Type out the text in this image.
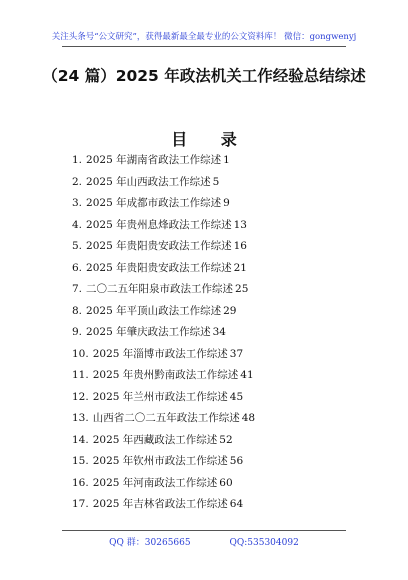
关注头条号“公文研究”，获得最新最全最专业的公文资料库！ 微信：gongwenyj
（24 篇）2025 年政法机关工作经验总结综述
目 录
1. 2025 年湖南省政法工作综述 1
2. 2025 年山西政法工作综述 5
3. 2025 年成都市政法工作综述 9
4. 2025 年贵州息烽政法工作综述 13
5. 2025 年贵阳贵安政法工作综述 16
6. 2025 年贵阳贵安政法工作综述 21
7. 二〇二五年阳泉市政法工作综述 25
8. 2025 年平顶山政法工作综述 29
9. 2025 年肇庆政法工作综述 34
10. 2025 年淄博市政法工作综述 37
11. 2025 年贵州黔南政法工作综述 41
12. 2025 年兰州市政法工作综述 45
13. 山西省二〇二五年政法工作综述 48
14. 2025 年西藏政法工作综述 52
15. 2025 年钦州市政法工作综述 56
16. 2025 年河南政法工作综述 60
17. 2025 年吉林省政法工作综述 64
QQ 群：30265665	QQ:535304092
